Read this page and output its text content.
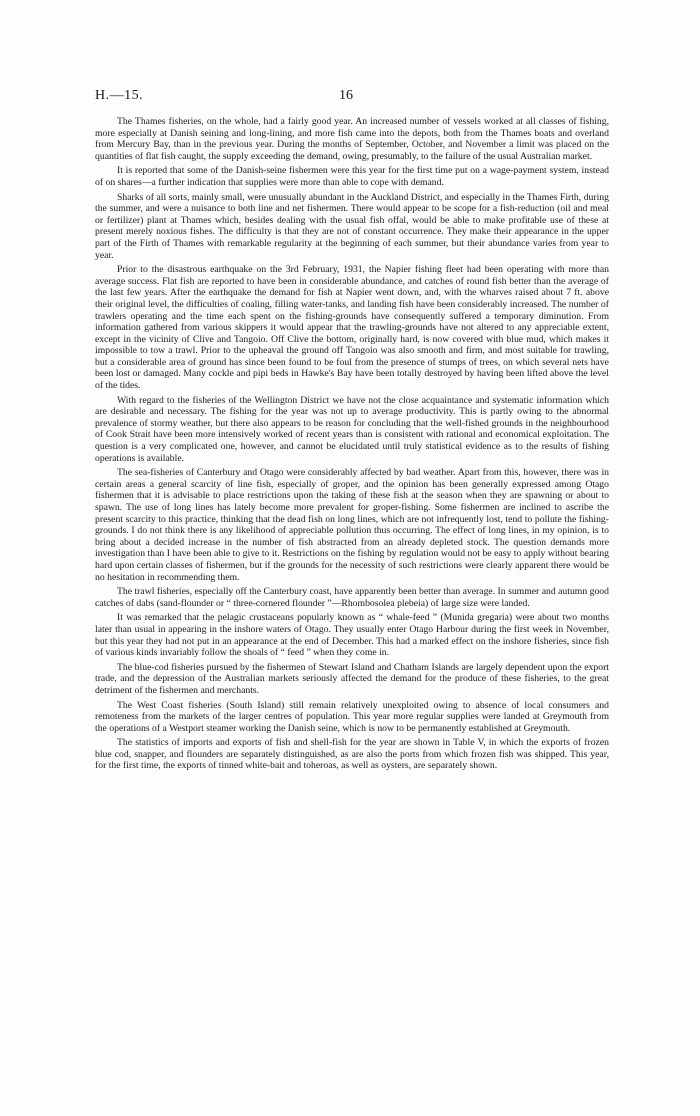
H.—15.	16

The Thames fisheries, on the whole, had a fairly good year. An increased number of vessels worked at all classes of fishing, more especially at Danish seining and long-lining, and more fish came into the depots, both from the Thames boats and overland from Mercury Bay, than in the previous year. During the months of September, October, and November a limit was placed on the quantities of flat fish caught, the supply exceeding the demand, owing, presumably, to the failure of the usual Australian market.

It is reported that some of the Danish-seine fishermen were this year for the first time put on a wage-payment system, instead of on shares—a further indication that supplies were more than able to cope with demand.

Sharks of all sorts, mainly small, were unusually abundant in the Auckland District, and especially in the Thames Firth, during the summer, and were a nuisance to both line and net fishermen. There would appear to be scope for a fish-reduction (oil and meal or fertilizer) plant at Thames which, besides dealing with the usual fish offal, would be able to make profitable use of these at present merely noxious fishes. The difficulty is that they are not of constant occurrence. They make their appearance in the upper part of the Firth of Thames with remarkable regularity at the beginning of each summer, but their abundance varies from year to year.

Prior to the disastrous earthquake on the 3rd February, 1931, the Napier fishing fleet had been operating with more than average success. Flat fish are reported to have been in considerable abundance, and catches of round fish better than the average of the last few years. After the earthquake the demand for fish at Napier went down, and, with the wharves raised about 7 ft. above their original level, the difficulties of coaling, filling water-tanks, and landing fish have been considerably increased. The number of trawlers operating and the time each spent on the fishing-grounds have consequently suffered a temporary diminution. From information gathered from various skippers it would appear that the trawling-grounds have not altered to any appreciable extent, except in the vicinity of Clive and Tangoio. Off Clive the bottom, originally hard, is now covered with blue mud, which makes it impossible to tow a trawl. Prior to the upheaval the ground off Tangoio was also smooth and firm, and most suitable for trawling, but a considerable area of ground has since been found to be foul from the presence of stumps of trees, on which several nets have been lost or damaged. Many cockle and pipi beds in Hawke's Bay have been totally destroyed by having been lifted above the level of the tides.

With regard to the fisheries of the Wellington District we have not the close acquaintance and systematic information which are desirable and necessary. The fishing for the year was not up to average productivity. This is partly owing to the abnormal prevalence of stormy weather, but there also appears to be reason for concluding that the well-fished grounds in the neighbourhood of Cook Strait have been more intensively worked of recent years than is consistent with rational and economical exploitation. The question is a very complicated one, however, and cannot be elucidated until truly statistical evidence as to the results of fishing operations is available.

The sea-fisheries of Canterbury and Otago were considerably affected by bad weather. Apart from this, however, there was in certain areas a general scarcity of line fish, especially of groper, and the opinion has been generally expressed among Otago fishermen that it is advisable to place restrictions upon the taking of these fish at the season when they are spawning or about to spawn. The use of long lines has lately become more prevalent for groper-fishing. Some fishermen are inclined to ascribe the present scarcity to this practice, thinking that the dead fish on long lines, which are not infrequently lost, tend to pollute the fishing-grounds. I do not think there is any likelihood of appreciable pollution thus occurring. The effect of long lines, in my opinion, is to bring about a decided increase in the number of fish abstracted from an already depleted stock. The question demands more investigation than I have been able to give to it. Restrictions on the fishing by regulation would not be easy to apply without bearing hard upon certain classes of fishermen, but if the grounds for the necessity of such restrictions were clearly apparent there would be no hesitation in recommending them.

The trawl fisheries, especially off the Canterbury coast, have apparently been better than average. In summer and autumn good catches of dabs (sand-flounder or “ three-cornered flounder ”—Rhombosolea plebeia) of large size were landed.

It was remarked that the pelagic crustaceans popularly known as “ whale-feed ” (Munida gregaria) were about two months later than usual in appearing in the inshore waters of Otago. They usually enter Otago Harbour during the first week in November, but this year they had not put in an appearance at the end of December. This had a marked effect on the inshore fisheries, since fish of various kinds invariably follow the shoals of “ feed ” when they come in.

The blue-cod fisheries pursued by the fishermen of Stewart Island and Chatham Islands are largely dependent upon the export trade, and the depression of the Australian markets seriously affected the demand for the produce of these fisheries, to the great detriment of the fishermen and merchants.

The West Coast fisheries (South Island) still remain relatively unexploited owing to absence of local consumers and remoteness from the markets of the larger centres of population. This year more regular supplies were landed at Greymouth from the operations of a Westport steamer working the Danish seine, which is now to be permanently established at Greymouth.

The statistics of imports and exports of fish and shell-fish for the year are shown in Table V, in which the exports of frozen blue cod, snapper, and flounders are separately distinguished, as are also the ports from which frozen fish was shipped. This year, for the first time, the exports of tinned white-bait and toheroas, as well as oysters, are separately shown.
